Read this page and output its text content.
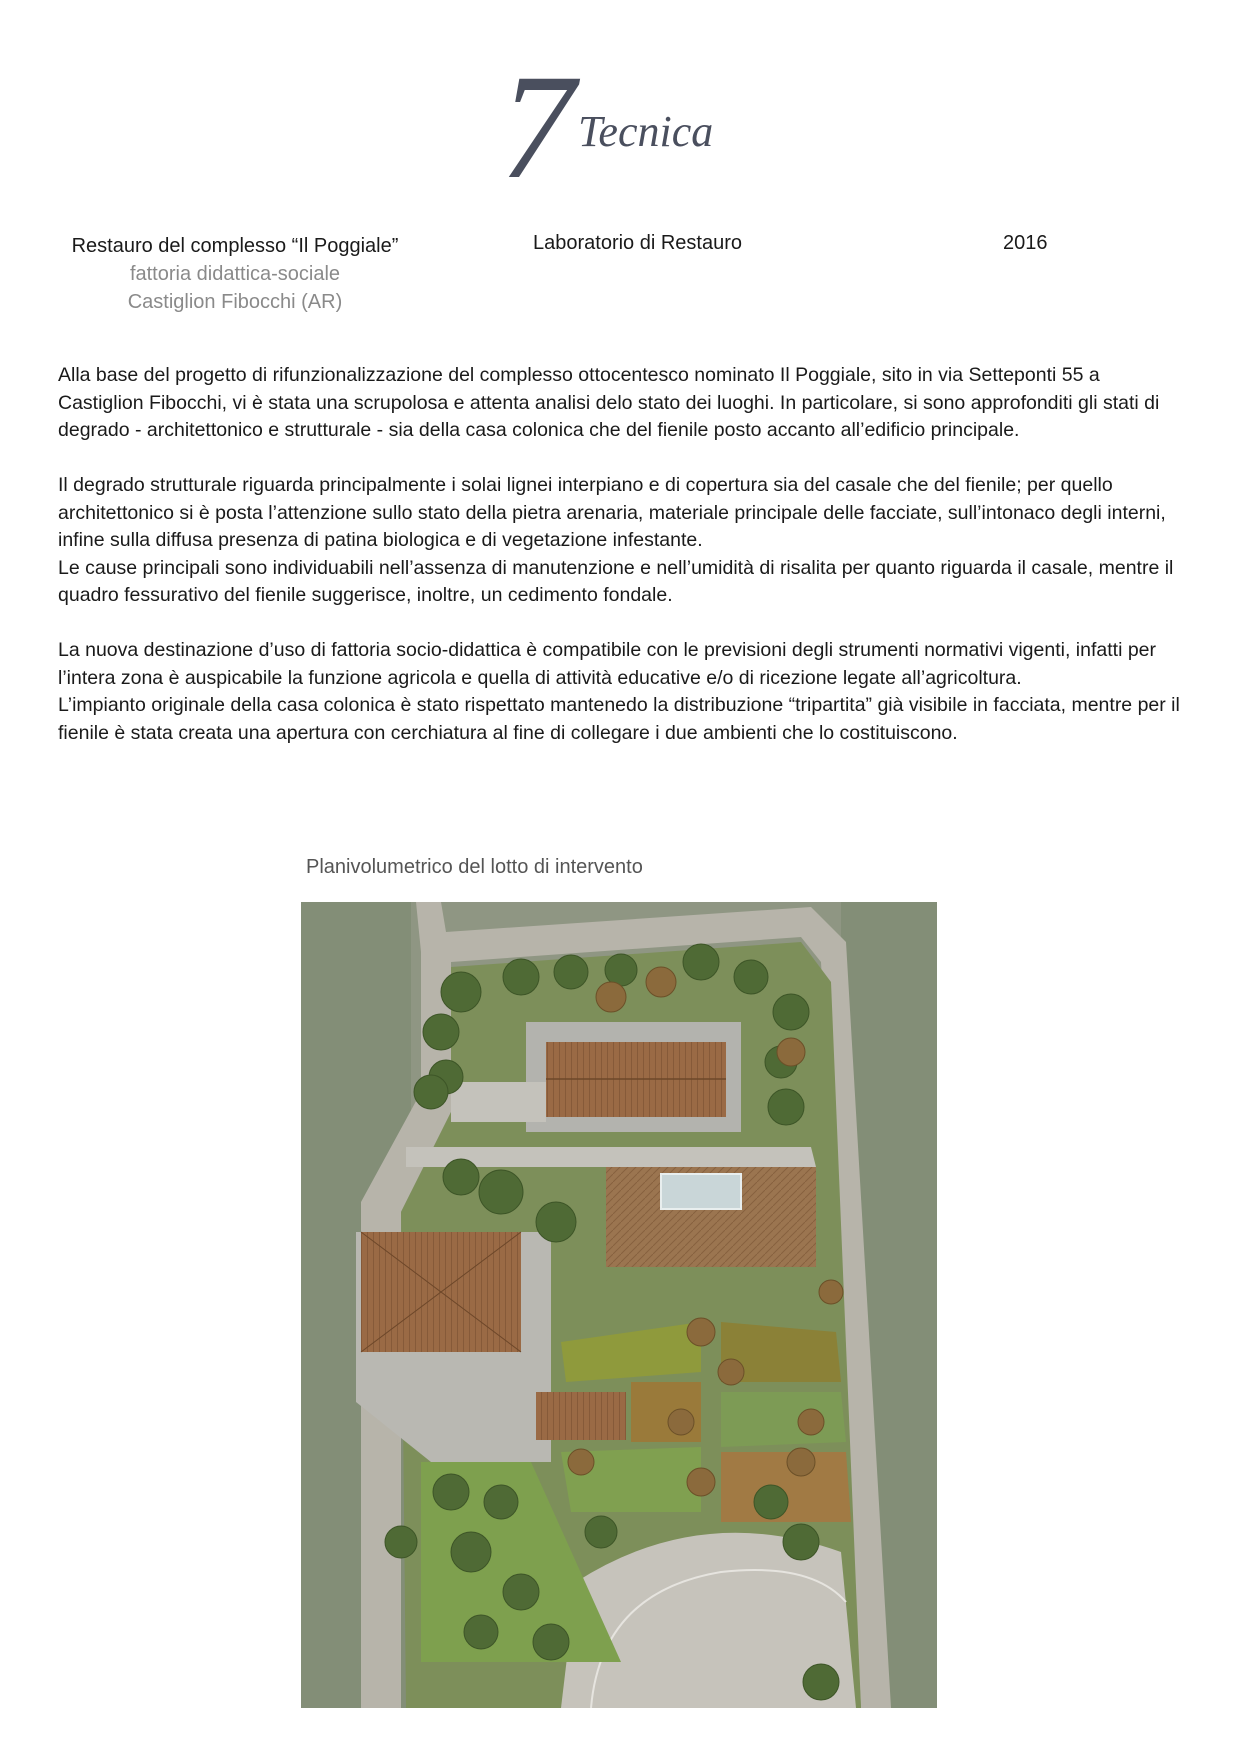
7 Tecnica
Restauro del complesso “Il Poggiale”
fattoria didattica-sociale
Castiglion Fibocchi (AR)
Laboratorio di Restauro	2016

Alla base del progetto di rifunzionalizzazione del complesso ottocentesco nominato Il Poggiale, sito in via Setteponti 55 a Castiglion Fibocchi, vi è stata una scrupolosa e attenta analisi delo stato dei luoghi. In particolare, si sono approfonditi gli stati di degrado - architettonico e strutturale - sia della casa colonica che del fienile posto accanto all’edificio principale.

Il degrado strutturale riguarda principalmente i solai lignei interpiano e di copertura sia del casale che del fienile; per quello architettonico si è posta l’attenzione sullo stato della pietra arenaria, materiale principale delle facciate, sull’intonaco degli interni, infine sulla diffusa presenza di patina biologica e di vegetazione infestante.
Le cause principali sono individuabili nell’assenza di manutenzione e nell’umidità di risalita per quanto riguarda il casale, mentre il quadro fessurativo del fienile suggerisce, inoltre, un cedimento fondale.

La nuova destinazione d’uso di fattoria socio-didattica è compatibile con le previsioni degli strumenti normativi vigenti, infatti per l’intera zona è auspicabile la funzione agricola e quella di attività educative e/o di ricezione legate all’agricoltura.
L’impianto originale della casa colonica è stato rispettato mantenedo la distribuzione “tripartita” già visibile in facciata, mentre per il fienile è stata creata una apertura con cerchiatura al fine di collegare i due ambienti che lo costituiscono.

Planivolumetrico del lotto di intervento
